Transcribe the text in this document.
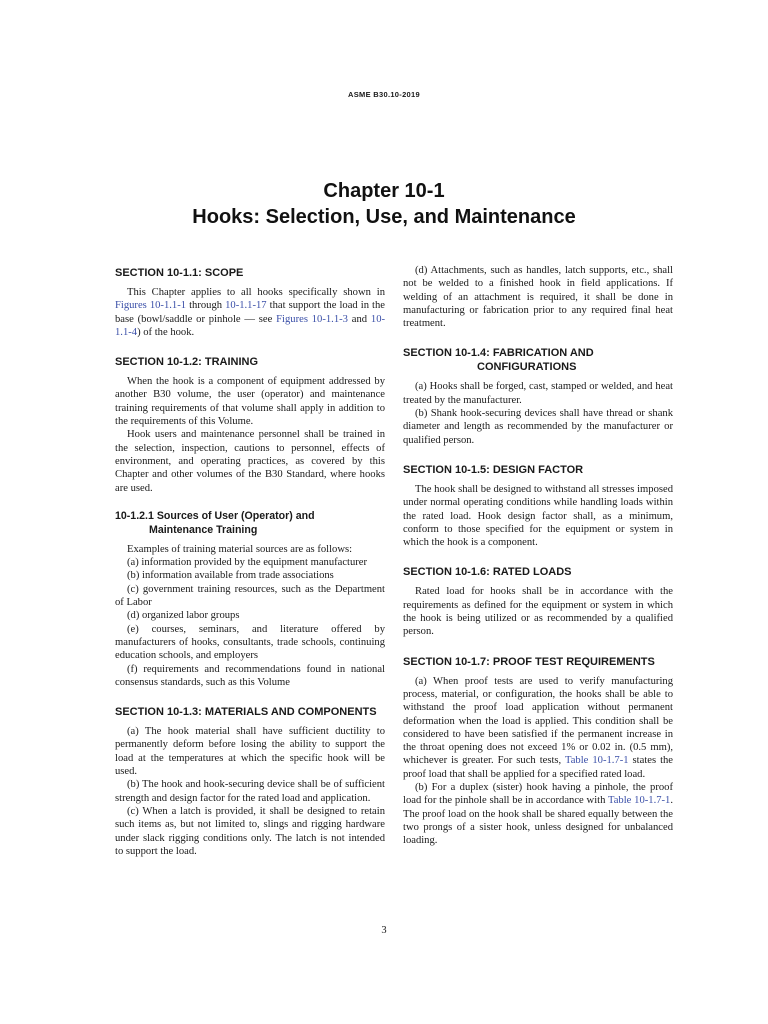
ASME B30.10-2019
Chapter 10-1
Hooks: Selection, Use, and Maintenance
SECTION 10-1.1: SCOPE

This Chapter applies to all hooks specifically shown in Figures 10-1.1-1 through 10-1.1-17 that support the load in the base (bowl/saddle or pinhole — see Figures 10-1.1-3 and 10-1.1-4) of the hook.

SECTION 10-1.2: TRAINING

When the hook is a component of equipment addressed by another B30 volume, the user (operator) and maintenance training requirements of that volume shall apply in addition to the requirements of this Volume.

Hook users and maintenance personnel shall be trained in the selection, inspection, cautions to personnel, effects of environment, and operating practices, as covered by this Chapter and other volumes of the B30 Standard, where hooks are used.

10-1.2.1 Sources of User (Operator) and
Maintenance Training

Examples of training material sources are as follows:

(a) information provided by the equipment manufacturer

(b) information available from trade associations

(c) government training resources, such as the Department of Labor

(d) organized labor groups

(e) courses, seminars, and literature offered by manufacturers of hooks, consultants, trade schools, continuing education schools, and employers

(f) requirements and recommendations found in national consensus standards, such as this Volume

SECTION 10-1.3: MATERIALS AND COMPONENTS

(a) The hook material shall have sufficient ductility to permanently deform before losing the ability to support the load at the temperatures at which the specific hook will be used.

(b) The hook and hook-securing device shall be of sufficient strength and design factor for the rated load and application.

(c) When a latch is provided, it shall be designed to retain such items as, but not limited to, slings and rigging hardware under slack rigging conditions only. The latch is not intended to support the load.

(d) Attachments, such as handles, latch supports, etc., shall not be welded to a finished hook in field applications. If welding of an attachment is required, it shall be done in manufacturing or fabrication prior to any required final heat treatment.

SECTION 10-1.4: FABRICATION AND
CONFIGURATIONS

(a) Hooks shall be forged, cast, stamped or welded, and heat treated by the manufacturer.

(b) Shank hook-securing devices shall have thread or shank diameter and length as recommended by the manufacturer or qualified person.

SECTION 10-1.5: DESIGN FACTOR

The hook shall be designed to withstand all stresses imposed under normal operating conditions while handling loads within the rated load. Hook design factor shall, as a minimum, conform to those specified for the equipment or system in which the hook is a component.

SECTION 10-1.6: RATED LOADS

Rated load for hooks shall be in accordance with the requirements as defined for the equipment or system in which the hook is being utilized or as recommended by a qualified person.

SECTION 10-1.7: PROOF TEST REQUIREMENTS

(a) When proof tests are used to verify manufacturing process, material, or configuration, the hooks shall be able to withstand the proof load application without permanent deformation when the load is applied. This condition shall be considered to have been satisfied if the permanent increase in the throat opening does not exceed 1% or 0.02 in. (0.5 mm), whichever is greater. For such tests, Table 10-1.7-1 states the proof load that shall be applied for a specified rated load.

(b) For a duplex (sister) hook having a pinhole, the proof load for the pinhole shall be in accordance with Table 10-1.7-1. The proof load on the hook shall be shared equally between the two prongs of a sister hook, unless designed for unbalanced loading.

3
